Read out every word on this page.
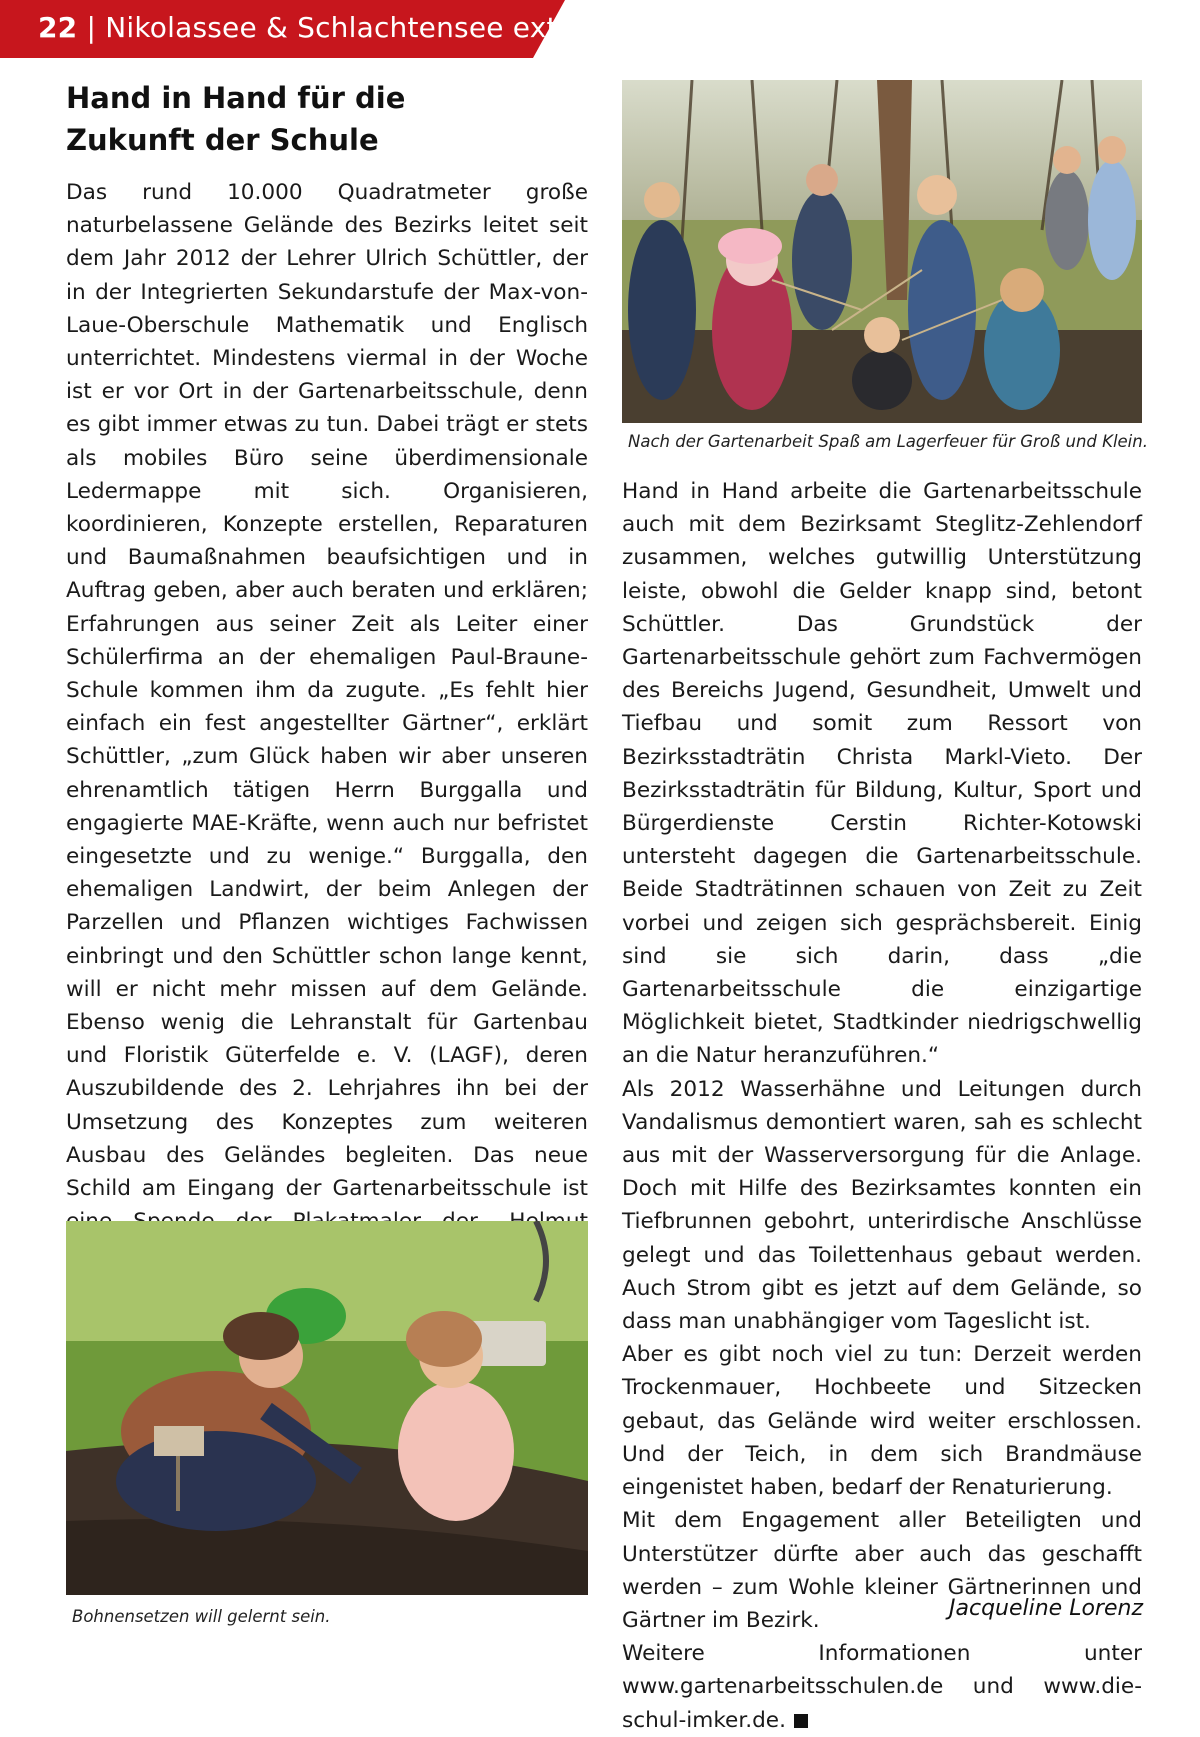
22 | Nikolassee & Schlachtensee extra
Hand in Hand für die
Zukunft der Schule

Das rund 10.000 Quadratmeter große naturbelassene Gelände des Bezirks leitet seit dem Jahr 2012 der Lehrer Ulrich Schüttler, der in der Integrierten Sekundarstufe der Max-von-Laue-Oberschule Mathematik und Englisch unterrichtet. Mindestens viermal in der Woche ist er vor Ort in der Gartenarbeitsschule, denn es gibt immer etwas zu tun. Dabei trägt er stets als mobiles Büro seine überdimensionale Ledermappe mit sich. Organisieren, koordinieren, Konzepte erstellen, Reparaturen und Baumaßnahmen beaufsichtigen und in Auftrag geben, aber auch beraten und erklären; Erfahrungen aus seiner Zeit als Leiter einer Schülerfirma an der ehemaligen Paul-Braune-Schule kommen ihm da zugute. „Es fehlt hier einfach ein fest angestellter Gärtner“, erklärt Schüttler, „zum Glück haben wir aber unseren ehrenamtlich tätigen Herrn Burggalla und engagierte MAE-Kräfte, wenn auch nur befristet eingesetzte und zu wenige.“ Burggalla, den ehemaligen Landwirt, der beim Anlegen der Parzellen und Pflanzen wichtiges Fachwissen einbringt und den Schüttler schon lange kennt, will er nicht mehr missen auf dem Gelände. Ebenso wenig die Lehranstalt für Gartenbau und Floristik Güterfelde e. V. (LAGF), deren Auszubildende des 2. Lehrjahres ihn bei der Umsetzung des Konzeptes zum weiteren Ausbau des Geländes begleiten. Das neue Schild am Eingang der Gartenarbeitsschule ist

Nach der Gartenarbeit Spaß am Lagerfeuer für Groß und Klein.

Hand in Hand arbeite die Gartenarbeitsschule auch mit dem Bezirksamt Steglitz-Zehlendorf zusammen, welches gutwillig Unterstützung leiste, obwohl die Gelder knapp sind, betont Schüttler. Das Grundstück der Gartenarbeitsschule gehört zum Fachvermögen des Bereichs Jugend, Gesundheit, Umwelt und Tiefbau und somit zum Ressort von Bezirksstadträtin Christa Markl-Vieto. Der Bezirksstadträtin für Bildung, Kultur, Sport und Bürgerdienste Cerstin Richter-Kotowski untersteht dagegen die Gartenarbeitsschule. Beide Stadträtinnen schauen von Zeit zu Zeit vorbei und zeigen sich gesprächsbereit. Einig sind sie sich darin, dass „die Gartenarbeitsschule die einzigartige Möglichkeit bietet, Stadtkinder niedrigschwellig an die Natur heranzuführen.“

Als 2012 Wasserhähne und Leitungen durch Vandalismus demontiert waren, sah es schlecht aus mit der Wasserversorgung für die Anlage. Doch mit Hilfe des Bezirksamtes konnten ein Tiefbrunnen gebohrt, unterirdische Anschlüsse gelegt und das Toilettenhaus gebaut werden. Auch Strom gibt es jetzt auf dem Gelände, so dass man unabhängiger vom Tageslicht ist.

Aber es gibt noch viel zu tun: Derzeit werden Trockenmauer, Hochbeete und Sitzecken gebaut, das Gelände wird weiter erschlossen. Und der Teich, in dem sich Brandmäuse eingenistet haben, bedarf der Renaturierung.

Mit dem Engagement aller Beteiligten und Unterstützer dürfte aber auch das geschafft werden – zum Wohle kleiner Gärtnerinnen und Gärtner im Bezirk.

Weitere Informationen unter www.gartenarbeitsschulen.de und www.die-schul-imker.de.

Jacqueline Lorenz
Bohnensetzen will gelernt sein.
